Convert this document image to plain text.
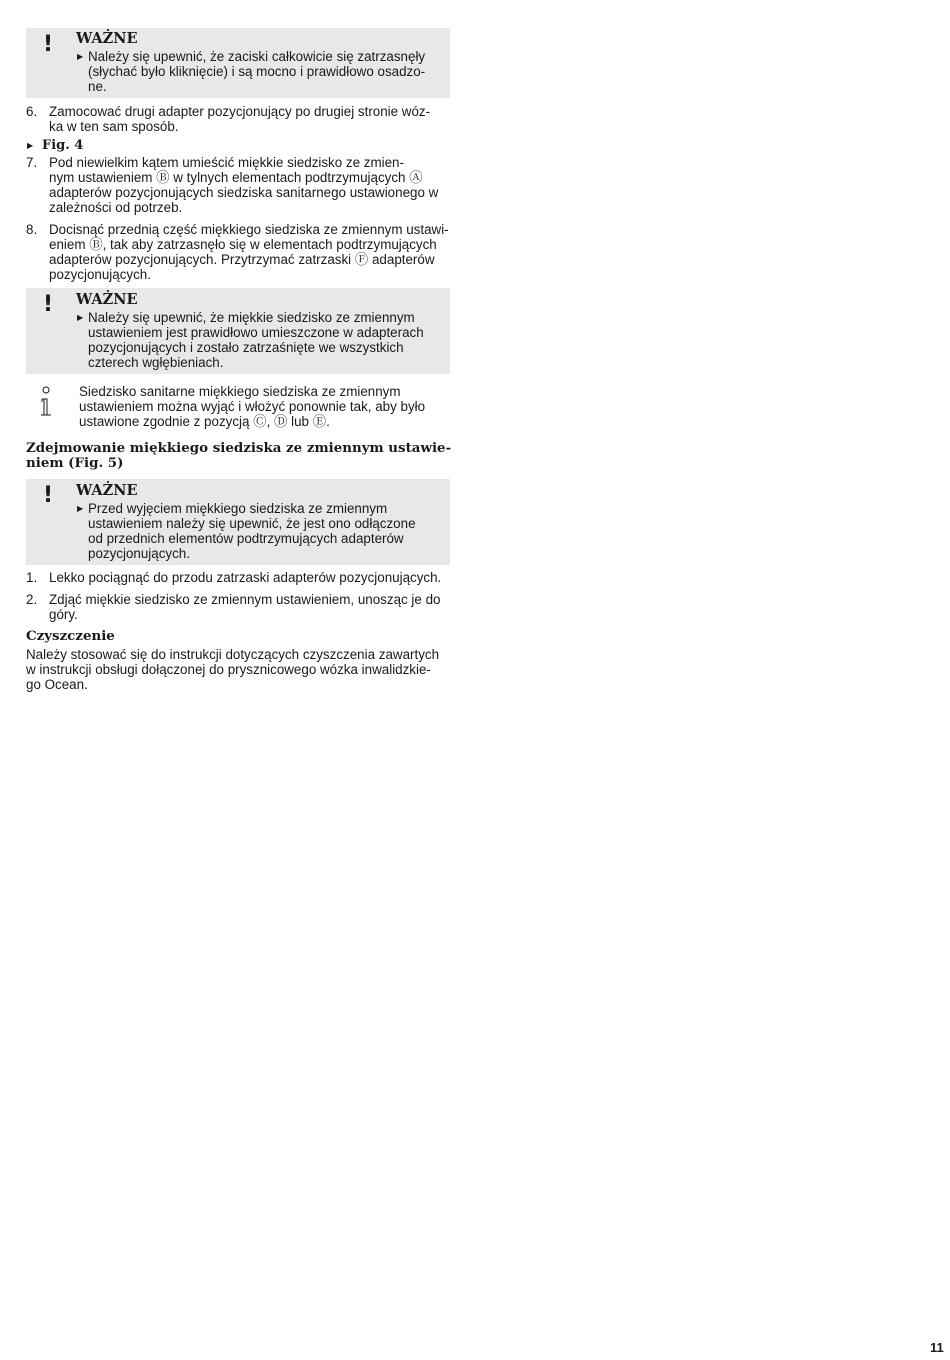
! WAŻNE
▶ Należy się upewnić, że zaciski całkowicie się zatrzasnęły
(słychać było kliknięcie) i są mocno i prawidłowo osadzo-
ne.
6. Zamocować drugi adapter pozycjonujący po drugiej stronie wóz-
ka w ten sam sposób.
▶ Fig. 4
7. Pod niewielkim kątem umieścić miękkie siedzisko ze zmien-
nym ustawieniem Ⓑ w tylnych elementach podtrzymujących Ⓐ
adapterów pozycjonujących siedziska sanitarnego ustawionego w
zależności od potrzeb.
8. Docisnąć przednią część miękkiego siedziska ze zmiennym ustawi-
eniem Ⓑ, tak aby zatrzasnęło się w elementach podtrzymujących
adapterów pozycjonujących. Przytrzymać zatrzaski Ⓕ adapterów
pozycjonujących.
! WAŻNE
▶ Należy się upewnić, że miękkie siedzisko ze zmiennym
ustawieniem jest prawidłowo umieszczone w adapterach
pozycjonujących i zostało zatrzaśnięte we wszystkich
czterech wgłębieniach.
Siedzisko sanitarne miękkiego siedziska ze zmiennym
ustawieniem można wyjąć i włożyć ponownie tak, aby było
ustawione zgodnie z pozycją Ⓒ, Ⓓ lub Ⓔ.
Zdejmowanie miękkiego siedziska ze zmiennym ustawie-
niem (Fig. 5)
! WAŻNE
▶ Przed wyjęciem miękkiego siedziska ze zmiennym
ustawieniem należy się upewnić, że jest ono odłączone
od przednich elementów podtrzymujących adapterów
pozycjonujących.
1. Lekko pociągnąć do przodu zatrzaski adapterów pozycjonujących.
2. Zdjąć miękkie siedzisko ze zmiennym ustawieniem, unosząc je do
góry.
Czyszczenie
Należy stosować się do instrukcji dotyczących czyszczenia zawartych
w instrukcji obsługi dołączonej do prysznicowego wózka inwalidzkie-
go Ocean.
11
